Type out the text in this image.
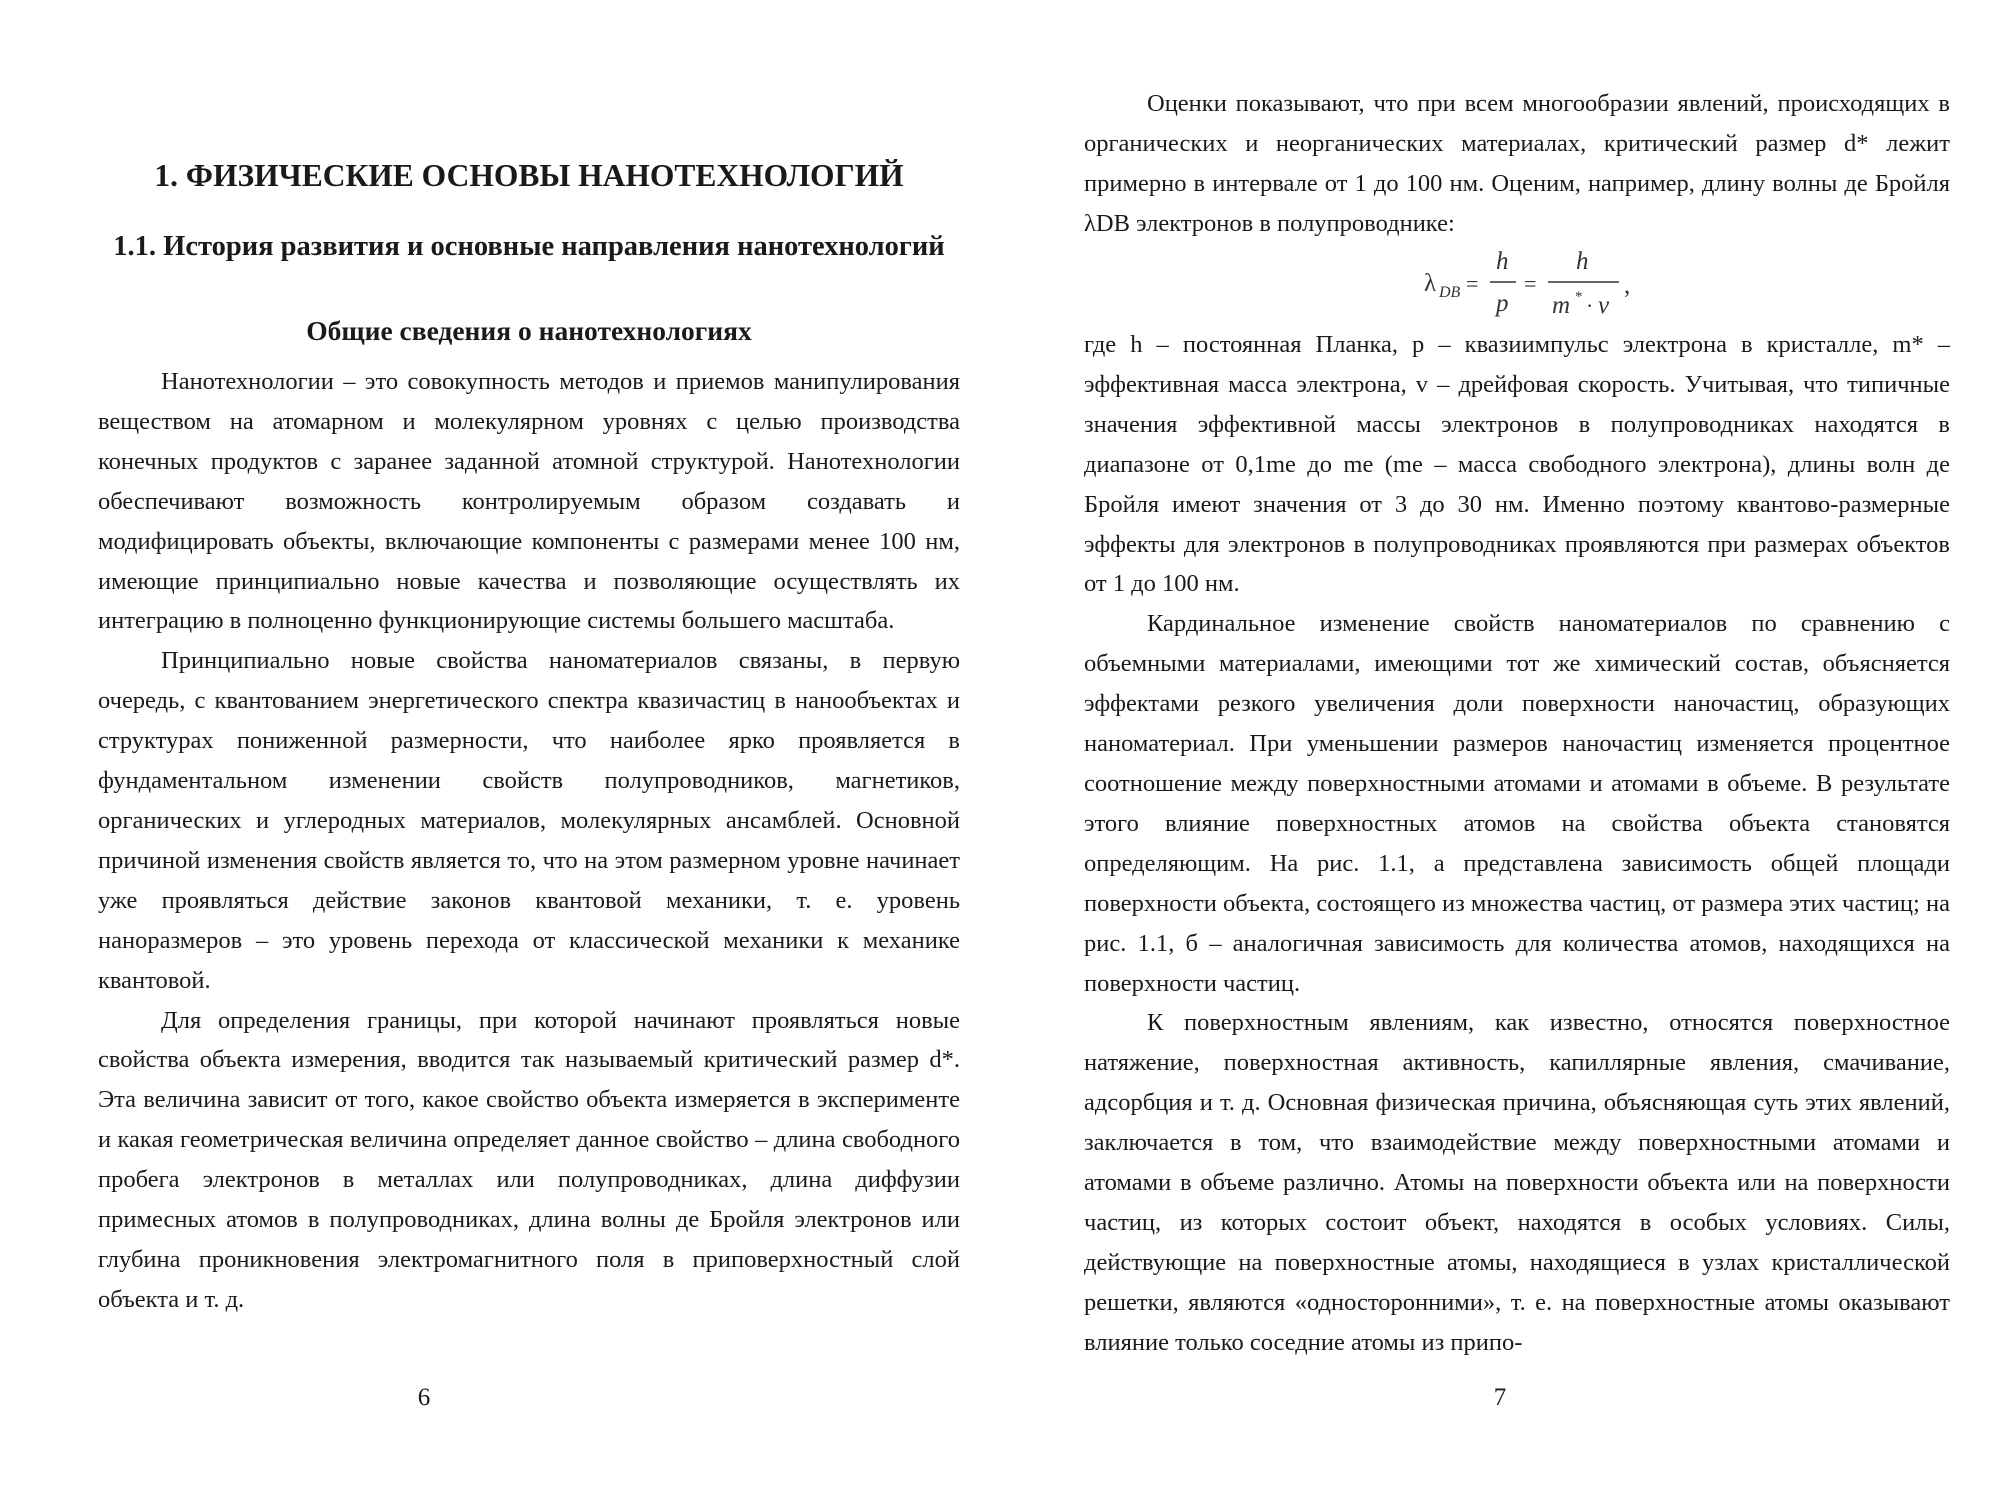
1. ФИЗИЧЕСКИЕ ОСНОВЫ НАНОТЕХНОЛОГИЙ
1.1. История развития и основные направления нанотехнологий
Общие сведения о нанотехнологиях

Нанотехнологии – это совокупность методов и приемов манипулирования веществом на атомарном и молекулярном уровнях с целью производства конечных продуктов с заранее заданной атомной структурой. Нанотехнологии обеспечивают возможность контролируемым образом создавать и модифицировать объекты, включающие компоненты с размерами менее 100 нм, имеющие принципиально новые качества и позволяющие осуществлять их интеграцию в полноценно функционирующие системы большего масштаба.

Принципиально новые свойства наноматериалов связаны, в первую очередь, с квантованием энергетического спектра квазичастиц в нанообъектах и структурах пониженной размерности, что наиболее ярко проявляется в фундаментальном изменении свойств полупроводников, магнетиков, органических и углеродных материалов, молекулярных ансамблей. Основной причиной изменения свойств является то, что на этом размерном уровне начинает уже проявляться действие законов квантовой механики, т. е. уровень наноразмеров – это уровень перехода от классической механики к механике квантовой.

Для определения границы, при которой начинают проявляться новые свойства объекта измерения, вводится так называемый критический размер d*. Эта величина зависит от того, какое свойство объекта измеряется в эксперименте и какая геометрическая величина определяет данное свойство – длина свободного пробега электронов в металлах или полупроводниках, длина диффузии примесных атомов в полупроводниках, длина волны де Бройля электронов или глубина проникновения электромагнитного поля в приповерхностный слой объекта и т. д.

6

Оценки показывают, что при всем многообразии явлений, происходящих в органических и неорганических материалах, критический размер d* лежит примерно в интервале от 1 до 100 нм. Оценим, например, длину волны де Бройля λDB электронов в полупроводнике:

λ DB =
h
p
=
h
m * · v
,

где h – постоянная Планка, p – квазиимпульс электрона в кристалле, m* – эффективная масса электрона, v – дрейфовая скорость. Учитывая, что типичные значения эффективной массы электронов в полупроводниках находятся в диапазоне от 0,1me до me (me – масса свободного электрона), длины волн де Бройля имеют значения от 3 до 30 нм. Именно поэтому квантово-размерные эффекты для электронов в полупроводниках проявляются при размерах объектов от 1 до 100 нм.

Кардинальное изменение свойств наноматериалов по сравнению с объемными материалами, имеющими тот же химический состав, объясняется эффектами резкого увеличения доли поверхности наночастиц, образующих наноматериал. При уменьшении размеров наночастиц изменяется процентное соотношение между поверхностными атомами и атомами в объеме. В результате этого влияние поверхностных атомов на свойства объекта становятся определяющим. На рис. 1.1, а представлена зависимость общей площади поверхности объекта, состоящего из множества частиц, от размера этих частиц; на рис. 1.1, б – аналогичная зависимость для количества атомов, находящихся на поверхности частиц.

К поверхностным явлениям, как известно, относятся поверхностное натяжение, поверхностная активность, капиллярные явления, смачивание, адсорбция и т. д. Основная физическая причина, объясняющая суть этих явлений, заключается в том, что взаимодействие между поверхностными атомами и атомами в объеме различно. Атомы на поверхности объекта или на поверхности частиц, из которых состоит объект, находятся в особых условиях. Силы, действующие на поверхностные атомы, находящиеся в узлах кристаллической решетки, являются «односторонними», т. е. на поверхностные атомы оказывают влияние только соседние атомы из припо-

7
